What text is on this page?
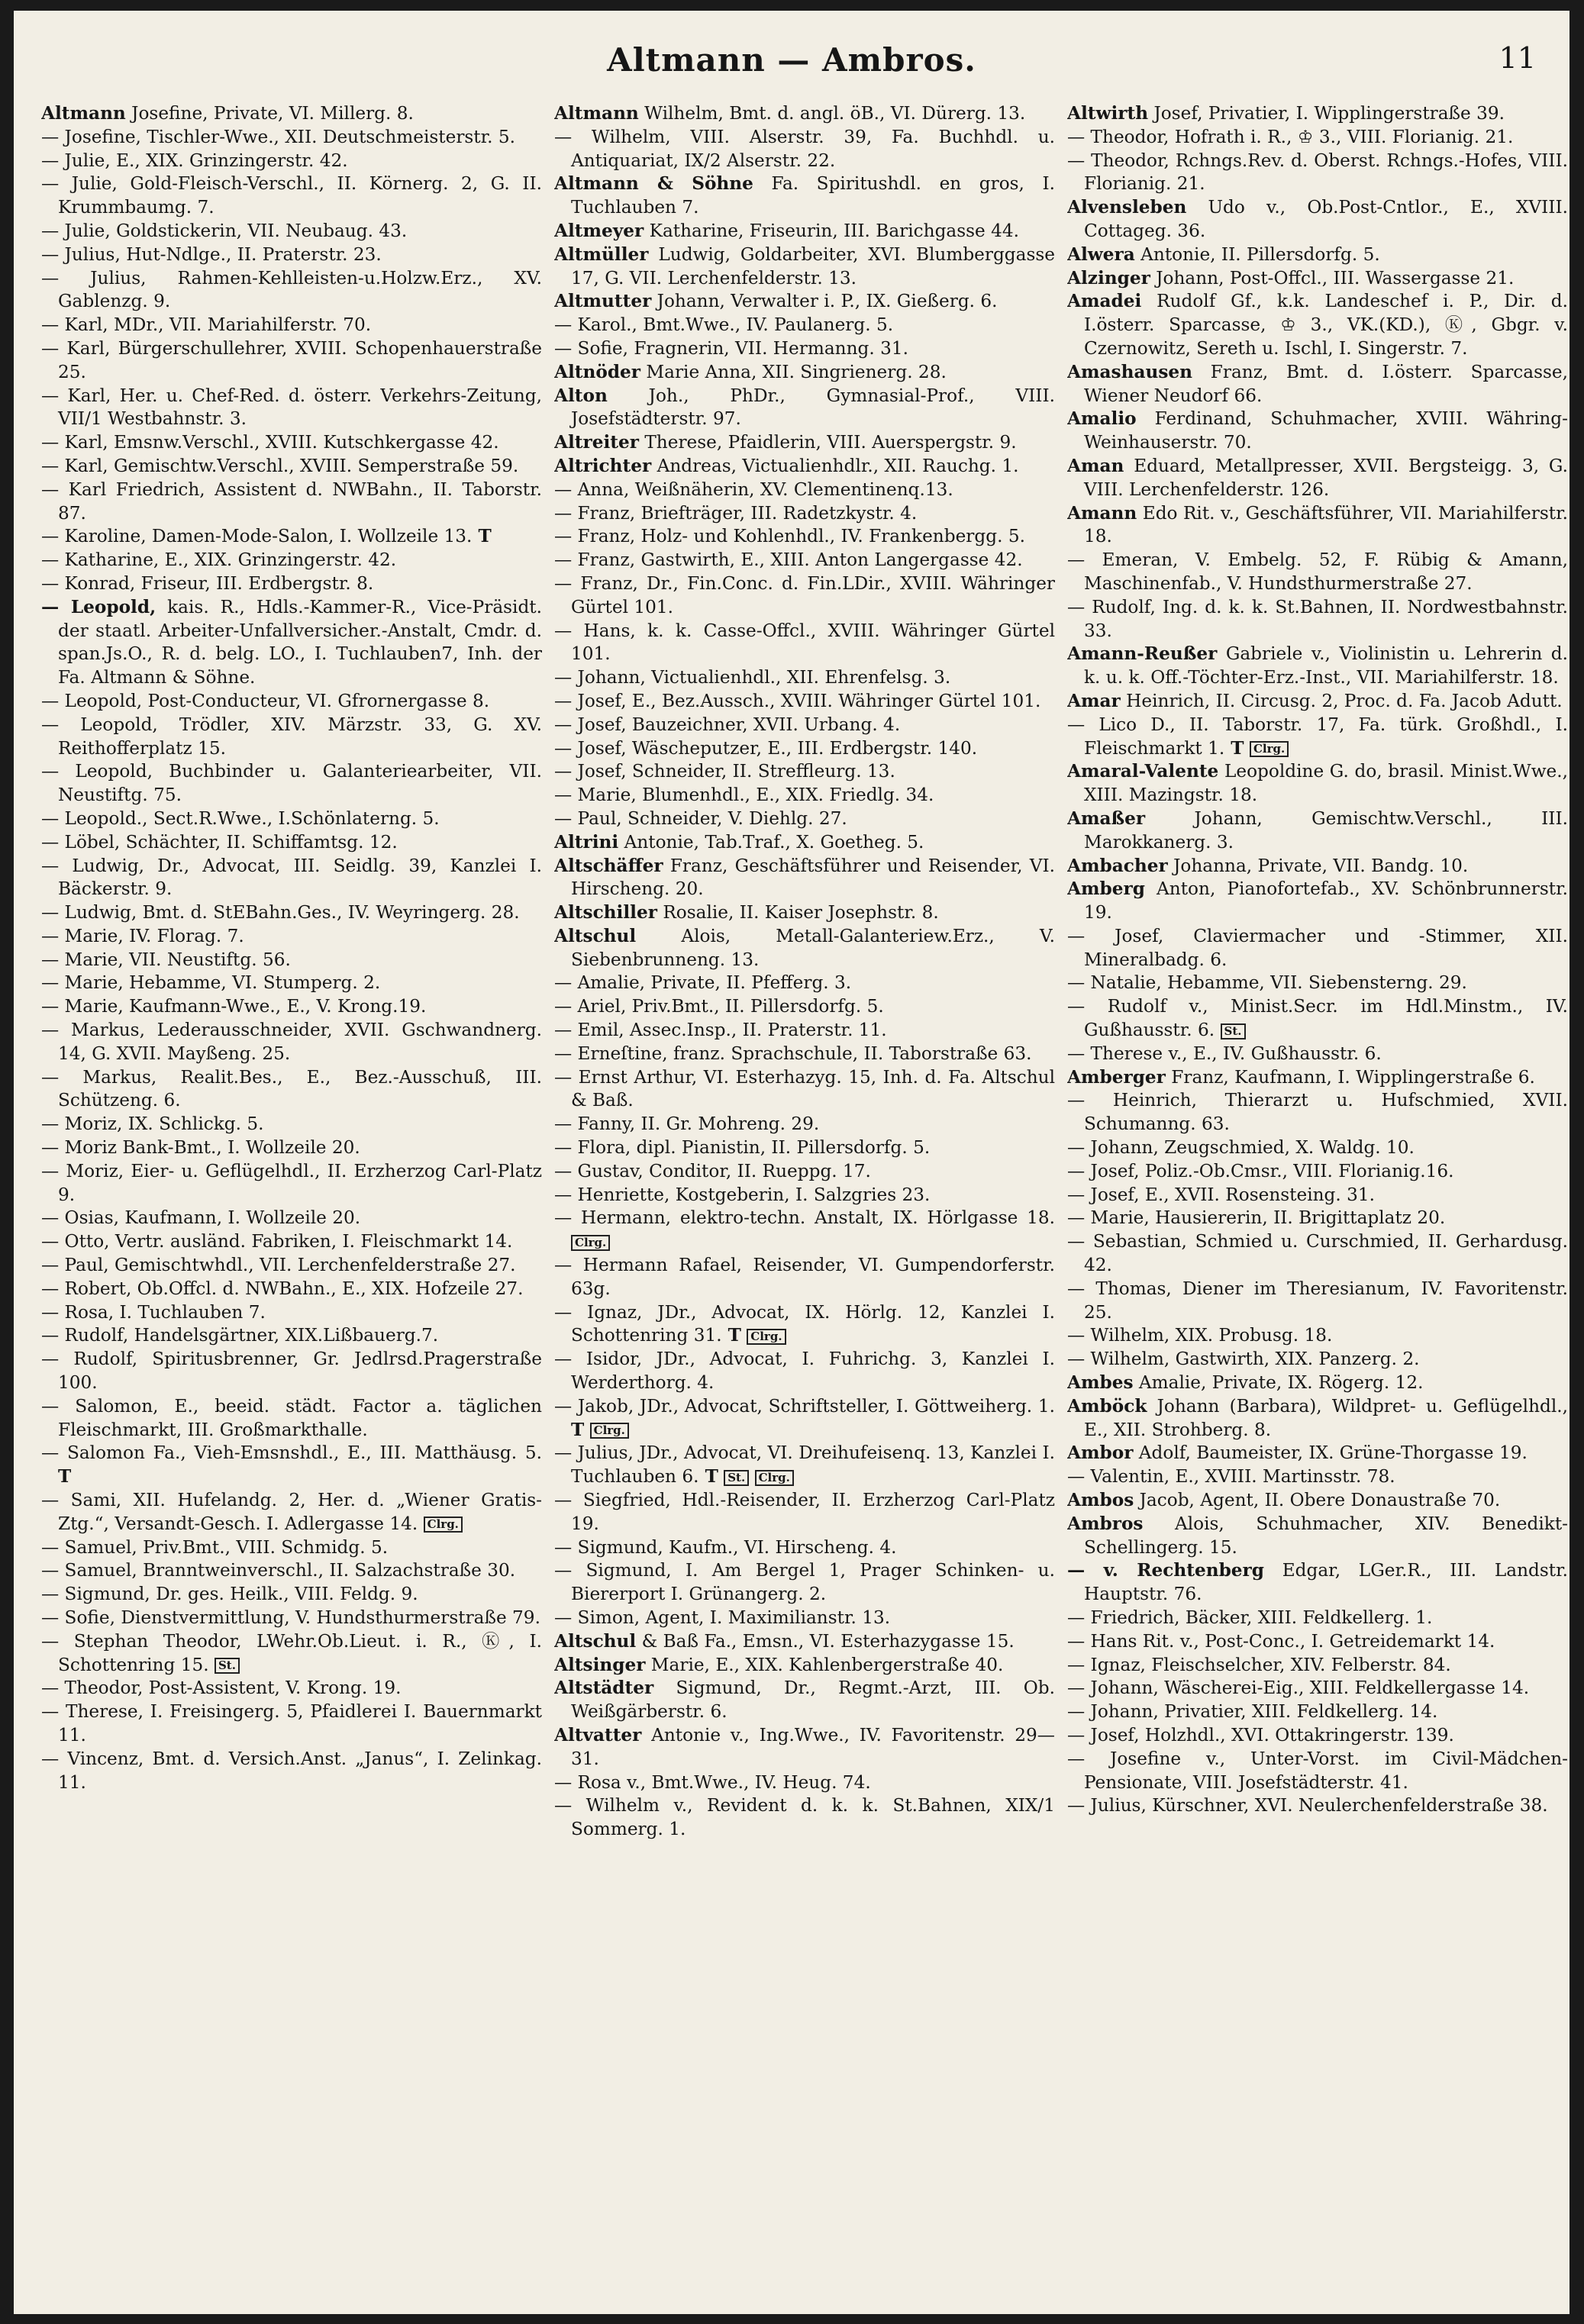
Altmann — Ambros.	11
Altmann Josefine, Private, VI. Millerg. 8.
— Josefine, Tischler-Wwe., XII. Deutschmeisterstr. 5.
— Julie, E., XIX. Grinzingerstr. 42.
— Julie, Gold-Fleisch-Verschl., II. Körnerg. 2, G. II. Krummbaumg. 7.
— Julie, Goldstickerin, VII. Neubaug. 43.
— Julius, Hut-Ndlge., II. Praterstr. 23.
— Julius, Rahmen-Kehlleisten-u.Holzw.Erz., XV. Gablenzg. 9.
— Karl, MDr., VII. Mariahilferstr. 70.
— Karl, Bürgerschullehrer, XVIII. Schopenhauerstraße 25.
— Karl, Her. u. Chef-Red. d. österr. Verkehrs-Zeitung, VII/1 Westbahnstr. 3.
— Karl, Emsnw.Verschl., XVIII. Kutschkergasse 42.
— Karl, Gemischtw.Verschl., XVIII. Semperstraße 59.
— Karl Friedrich, Assistent d. NWBahn., II. Taborstr. 87.
— Karoline, Damen-Mode-Salon, I. Wollzeile 13. T
— Katharine, E., XIX. Grinzingerstr. 42.
— Konrad, Friseur, III. Erdbergstr. 8.
— Leopold, kais. R., Hdls.-Kammer-R., Vice-Präsidt. der staatl. Arbeiter-Unfallversicher.-Anstalt, Cmdr. d. span.Js.O., R. d. belg. LO., I. Tuchlauben7, Inh. der Fa. Altmann & Söhne.
— Leopold, Post-Conducteur, VI. Gfrornergasse 8.
— Leopold, Trödler, XIV. Märzstr. 33, G. XV. Reithofferplatz 15.
— Leopold, Buchbinder u. Galanteriearbeiter, VII. Neustiftg. 75.
— Leopold., Sect.R.Wwe., I.Schönlaterng. 5.
— Löbel, Schächter, II. Schiffamtsg. 12.
— Ludwig, Dr., Advocat, III. Seidlg. 39, Kanzlei I. Bäckerstr. 9.
— Ludwig, Bmt. d. StEBahn.Ges., IV. Weyringerg. 28.
— Marie, IV. Florag. 7.
— Marie, VII. Neustiftg. 56.
— Marie, Hebamme, VI. Stumperg. 2.
— Marie, Kaufmann-Wwe., E., V. Krong.19.
— Markus, Lederausschneider, XVII. Gschwandnerg. 14, G. XVII. Mayßeng. 25.
— Markus, Realit.Bes., E., Bez.-Ausschuß, III. Schützeng. 6.
— Moriz, IX. Schlickg. 5.
— Moriz Bank-Bmt., I. Wollzeile 20.
— Moriz, Eier- u. Geflügelhdl., II. Erzherzog Carl-Platz 9.
— Osias, Kaufmann, I. Wollzeile 20.
— Otto, Vertr. ausländ. Fabriken, I. Fleischmarkt 14.
— Paul, Gemischtwhdl., VII. Lerchenfelderstraße 27.
— Robert, Ob.Offcl. d. NWBahn., E., XIX. Hofzeile 27.
— Rosa, I. Tuchlauben 7.
— Rudolf, Handelsgärtner, XIX.Lißbauerg.7.
— Rudolf, Spiritusbrenner, Gr. Jedlrsd.Pragerstraße 100.
— Salomon, E., beeid. städt. Factor a. täglichen Fleischmarkt, III. Großmarkthalle.
— Salomon Fa., Vieh-Emsnshdl., E., III. Matthäusg. 5. T
— Sami, XII. Hufelandg. 2, Her. d. „Wiener Gratis-Ztg.“, Versandt-Gesch. I. Adlergasse 14. Clrg.
— Samuel, Priv.Bmt., VIII. Schmidg. 5.
— Samuel, Branntweinverschl., II. Salzachstraße 30.
— Sigmund, Dr. ges. Heilk., VIII. Feldg. 9.
— Sofie, Dienstvermittlung, V. Hundsthurmerstraße 79.
— Stephan Theodor, LWehr.Ob.Lieut. i. R., Ⓚ, I. Schottenring 15. St.
— Theodor, Post-Assistent, V. Krong. 19.
— Therese, I. Freisingerg. 5, Pfaidlerei I. Bauernmarkt 11.
— Vincenz, Bmt. d. Versich.Anst. „Janus“, I. Zelinkag. 11.
Altmann Wilhelm, Bmt. d. angl. öB., VI. Dürerg. 13.
— Wilhelm, VIII. Alserstr. 39, Fa. Buchhdl. u. Antiquariat, IX/2 Alserstr. 22.
Altmann & Söhne Fa. Spiritushdl. en gros, I. Tuchlauben 7.
Altmeyer Katharine, Friseurin, III. Barichgasse 44.
Altmüller Ludwig, Goldarbeiter, XVI. Blumberggasse 17, G. VII. Lerchenfelderstr. 13.
Altmutter Johann, Verwalter i. P., IX. Gießerg. 6.
— Karol., Bmt.Wwe., IV. Paulanerg. 5.
— Sofie, Fragnerin, VII. Hermanng. 31.
Altnöder Marie Anna, XII. Singrienerg. 28.
Alton Joh., PhDr., Gymnasial-Prof., VIII. Josefstädterstr. 97.
Altreiter Therese, Pfaidlerin, VIII. Auerspergstr. 9.
Altrichter Andreas, Victualienhdlr., XII. Rauchg. 1.
— Anna, Weißnäherin, XV. Clementinenq.13.
— Franz, Briefträger, III. Radetzkystr. 4.
— Franz, Holz- und Kohlenhdl., IV. Frankenbergg. 5.
— Franz, Gastwirth, E., XIII. Anton Langergasse 42.
— Franz, Dr., Fin.Conc. d. Fin.LDir., XVIII. Währinger Gürtel 101.
— Hans, k. k. Casse-Offcl., XVIII. Währinger Gürtel 101.
— Johann, Victualienhdl., XII. Ehrenfelsg. 3.
— Josef, E., Bez.Aussch., XVIII. Währinger Gürtel 101.
— Josef, Bauzeichner, XVII. Urbang. 4.
— Josef, Wäscheputzer, E., III. Erdbergstr. 140.
— Josef, Schneider, II. Streffleurg. 13.
— Marie, Blumenhdl., E., XIX. Friedlg. 34.
— Paul, Schneider, V. Diehlg. 27.
Altrini Antonie, Tab.Traf., X. Goetheg. 5.
Altschäffer Franz, Geschäftsführer und Reisender, VI. Hirscheng. 20.
Altschiller Rosalie, II. Kaiser Josephstr. 8.
Altschul	Alois, Metall-Galanteriew.Erz., V. Siebenbrunneng. 13.
— Amalie, Private, II. Pfefferg. 3.
— Ariel, Priv.Bmt., II. Pillersdorfg. 5.
— Emil, Assec.Insp., II. Praterstr. 11.
— Erneſtine, franz. Sprachschule, II. Taborstraße 63.
— Ernst Arthur, VI. Esterhazyg. 15, Inh. d. Fa. Altschul & Baß.
— Fanny, II. Gr. Mohreng. 29.
— Flora, dipl. Pianistin, II. Pillersdorfg. 5.
— Gustav, Conditor, II. Rueppg. 17.
— Henriette, Kostgeberin, I. Salzgries 23.
— Hermann, elektro-techn. Anstalt, IX. Hörlgasse 18. Clrg.
— Hermann Rafael, Reisender, VI. Gumpendorferstr. 63g.
— Ignaz, JDr., Advocat, IX. Hörlg. 12, Kanzlei I. Schottenring 31. T Clrg.
— Isidor, JDr., Advocat, I. Fuhrichg. 3, Kanzlei I. Werderthorg. 4.
— Jakob, JDr., Advocat, Schriftsteller, I. Göttweiherg. 1. T Clrg.
— Julius, JDr., Advocat, VI. Dreihufeisenq. 13, Kanzlei I. Tuchlauben 6. T St. Clrg.
— Siegfried, Hdl.-Reisender, II. Erzherzog Carl-Platz 19.
— Sigmund, Kaufm., VI. Hirscheng. 4.
— Sigmund, I. Am Bergel 1, Prager Schinken- u. Biererport I. Grünangerg. 2.
— Simon, Agent, I. Maximilianstr. 13.
Altschul & Baß Fa., Emsn., VI. Esterhazygasse 15.
Altsinger Marie, E., XIX. Kahlenbergerstraße 40.
Altstädter Sigmund, Dr., Regmt.-Arzt, III. Ob. Weißgärberstr. 6.
Altvatter Antonie v., Ing.Wwe., IV. Favoritenstr. 29—31.
— Rosa v., Bmt.Wwe., IV. Heug. 74.
— Wilhelm v., Revident d. k. k. St.Bahnen, XIX/1 Sommerg. 1.
Altwirth Josef, Privatier, I. Wipplingerstraße 39.
— Theodor, Hofrath i. R., ♔ 3., VIII. Florianig. 21.
— Theodor, Rchngs.Rev. d. Oberst. Rchngs.-Hofes, VIII. Florianig. 21.
Alvensleben Udo v., Ob.Post-Cntlor., E., XVIII. Cottageg. 36.
Alwera Antonie, II. Pillersdorfg. 5.
Alzinger Johann, Post-Offcl., III. Wassergasse 21.
Amadei Rudolf Gf., k.k. Landeschef i. P., Dir. d. I.österr. Sparcasse, ♔ 3., VK.(KD.), Ⓚ, Gbgr. v. Czernowitz, Sereth u. Ischl, I. Singerstr. 7.
Amashausen Franz, Bmt. d. I.österr. Sparcasse, Wiener Neudorf 66.
Amalio Ferdinand, Schuhmacher, XVIII. Währing-Weinhauserstr. 70.
Aman Eduard, Metallpresser, XVII. Bergsteigg. 3, G. VIII. Lerchenfelderstr. 126.
Amann Edo Rit. v., Geschäftsführer, VII. Mariahilferstr. 18.
— Emeran, V. Embelg. 52, F. Rübig & Amann, Maschinenfab., V. Hundsthurmerstraße 27.
— Rudolf, Ing. d. k. k. St.Bahnen, II. Nordwestbahnstr. 33.
Amann-Reußer Gabriele v., Violinistin u. Lehrerin d. k. u. k. Off.-Töchter-Erz.-Inst., VII. Mariahilferstr. 18.
Amar Heinrich, II. Circusg. 2, Proc. d. Fa. Jacob Adutt.
— Lico D., II. Taborstr. 17, Fa. türk. Großhdl., I. Fleischmarkt 1. T Clrg.
Amaral-Valente Leopoldine G. do, brasil. Minist.Wwe., XIII. Mazingstr. 18.
Amaßer	Johann, Gemischtw.Verschl., III. Marokkanerg. 3.
Ambacher Johanna, Private, VII. Bandg. 10.
Amberg Anton, Pianofortefab., XV. Schönbrunnerstr. 19.
— Josef, Claviermacher und -Stimmer, XII. Mineralbadg. 6.
— Natalie, Hebamme, VII. Siebensterng. 29.
— Rudolf v., Minist.Secr. im Hdl.Minstm., IV. Gußhausstr. 6. St.
— Therese v., E., IV. Gußhausstr. 6.
Amberger Franz, Kaufmann, I. Wipplingerstraße 6.
— Heinrich, Thierarzt u. Hufschmied, XVII. Schumanng. 63.
— Johann, Zeugschmied, X. Waldg. 10.
— Josef, Poliz.-Ob.Cmsr., VIII. Florianig.16.
— Josef, E., XVII. Rosensteing. 31.
— Marie, Hausiererin, II. Brigittaplatz 20.
— Sebastian, Schmied u. Curschmied, II. Gerhardusg. 42.
— Thomas, Diener im Theresianum, IV. Favoritenstr. 25.
— Wilhelm, XIX. Probusg. 18.
— Wilhelm, Gastwirth, XIX. Panzerg. 2.
Ambes Amalie, Private, IX. Rögerg. 12.
Amböck Johann (Barbara), Wildpret- u. Geflügelhdl., E., XII. Strohberg. 8.
Ambor Adolf, Baumeister, IX. Grüne-Thorgasse 19.
— Valentin, E., XVIII. Martinsstr. 78.
Ambos Jacob, Agent, II. Obere Donaustraße 70.
Ambros Alois, Schuhmacher, XIV. Benedikt-Schellingerg. 15.
— v. Rechtenberg Edgar, LGer.R., III. Landstr. Hauptstr. 76.
— Friedrich, Bäcker, XIII. Feldkellerg. 1.
— Hans Rit. v., Post-Conc., I. Getreidemarkt 14.
— Ignaz, Fleischselcher, XIV. Felberstr. 84.
— Johann, Wäscherei-Eig., XIII. Feldkellergasse 14.
— Johann, Privatier, XIII. Feldkellerg. 14.
— Josef, Holzhdl., XVI. Ottakringerstr. 139.
— Josefine v., Unter-Vorst. im Civil-Mädchen-Pensionate, VIII. Josefstädterstr. 41.
— Julius, Kürschner, XVI. Neulerchenfelderstraße 38.
